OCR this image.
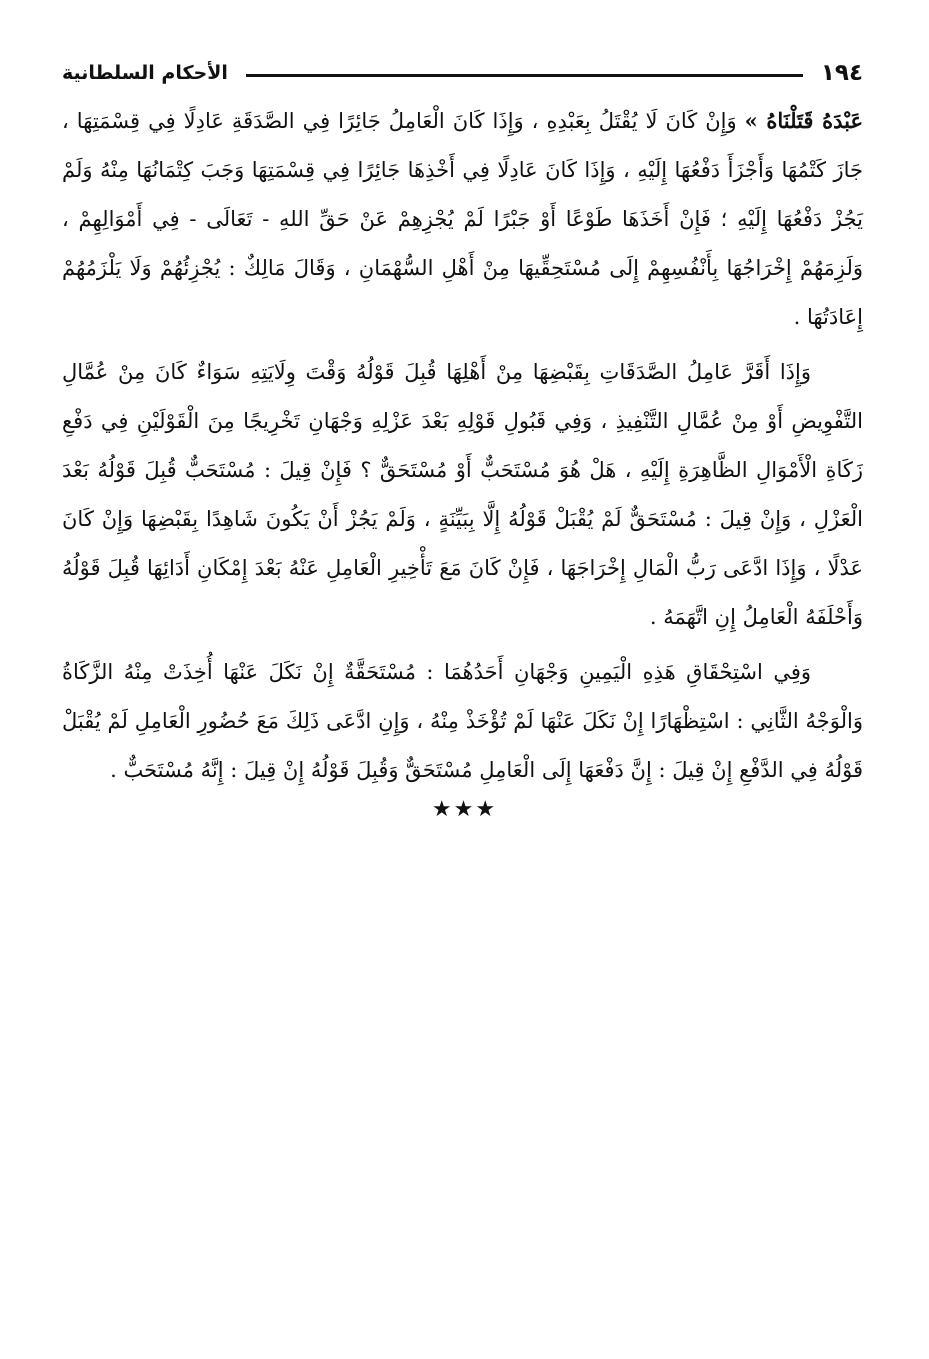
١٩٤
الأحكام السلطانية

عَبْدَهُ قَتَلْنَاهُ » وَإِنْ كَانَ لَا يُقْتَلُ بِعَبْدِهِ ، وَإِذَا كَانَ الْعَامِلُ جَائِرًا فِي الصَّدَقَةِ عَادِلًا فِي قِسْمَتِهَا ، جَازَ كَتْمُهَا وَأَجْزَأَ دَفْعُهَا إِلَيْهِ ، وَإِذَا كَانَ عَادِلًا فِي أَخْذِهَا جَائِرًا فِي قِسْمَتِهَا وَجَبَ كِتْمَانُهَا مِنْهُ وَلَمْ يَجُزْ دَفْعُهَا إِلَيْهِ ؛ فَإِنْ أَخَذَهَا طَوْعًا أَوْ جَبْرًا لَمْ يُجْزِهِمْ عَنْ حَقِّ اللهِ - تَعَالَى - فِي أَمْوَالِهِمْ ، وَلَزِمَهُمْ إِخْرَاجُهَا بِأَنْفُسِهِمْ إِلَى مُسْتَحِقِّيهَا مِنْ أَهْلِ السُّهْمَانِ ، وَقَالَ مَالِكٌ : يُجْزِئُهُمْ وَلَا يَلْزَمُهُمْ إِعَادَتُهَا .

وَإِذَا أَقَرَّ عَامِلُ الصَّدَقَاتِ بِقَبْضِهَا مِنْ أَهْلِهَا قُبِلَ قَوْلُهُ وَقْتَ وِلَايَتِهِ سَوَاءٌ كَانَ مِنْ عُمَّالِ التَّفْوِيضِ أَوْ مِنْ عُمَّالِ التَّنْفِيذِ ، وَفِي قَبُولِ قَوْلِهِ بَعْدَ عَزْلِهِ وَجْهَانِ تَخْرِيجًا مِنَ الْقَوْلَيْنِ فِي دَفْعِ زَكَاةِ الْأَمْوَالِ الظَّاهِرَةِ إِلَيْهِ ، هَلْ هُوَ مُسْتَحَبٌّ أَوْ مُسْتَحَقٌّ ؟ فَإِنْ قِيلَ : مُسْتَحَبٌّ قُبِلَ قَوْلُهُ بَعْدَ الْعَزْلِ ، وَإِنْ قِيلَ : مُسْتَحَقٌّ لَمْ يُقْبَلْ قَوْلُهُ إِلَّا بِبَيِّنَةٍ ، وَلَمْ يَجُزْ أَنْ يَكُونَ شَاهِدًا بِقَبْضِهَا وَإِنْ كَانَ عَدْلًا ، وَإِذَا ادَّعَى رَبُّ الْمَالِ إِخْرَاجَهَا ، فَإِنْ كَانَ مَعَ تَأْخِيرِ الْعَامِلِ عَنْهُ بَعْدَ إِمْكَانِ أَدَائِهَا قُبِلَ قَوْلُهُ وَأَحْلَفَهُ الْعَامِلُ إِنِ اتَّهَمَهُ .

وَفِي اسْتِحْقَاقِ هَذِهِ الْيَمِينِ وَجْهَانِ أَحَدُهُمَا : مُسْتَحَقَّةٌ إِنْ نَكَلَ عَنْهَا أُخِذَتْ مِنْهُ الزَّكَاةُ وَالْوَجْهُ الثَّانِي : اسْتِظْهَارًا إِنْ نَكَلَ عَنْهَا لَمْ تُؤْخَذْ مِنْهُ ، وَإِنِ ادَّعَى ذَلِكَ مَعَ حُضُورِ الْعَامِلِ لَمْ يُقْبَلْ قَوْلُهُ فِي الدَّفْعِ إِنْ قِيلَ : إِنَّ دَفْعَهَا إِلَى الْعَامِلِ مُسْتَحَقٌّ وَقُبِلَ قَوْلُهُ إِنْ قِيلَ : إِنَّهُ مُسْتَحَبٌّ .

★★★
